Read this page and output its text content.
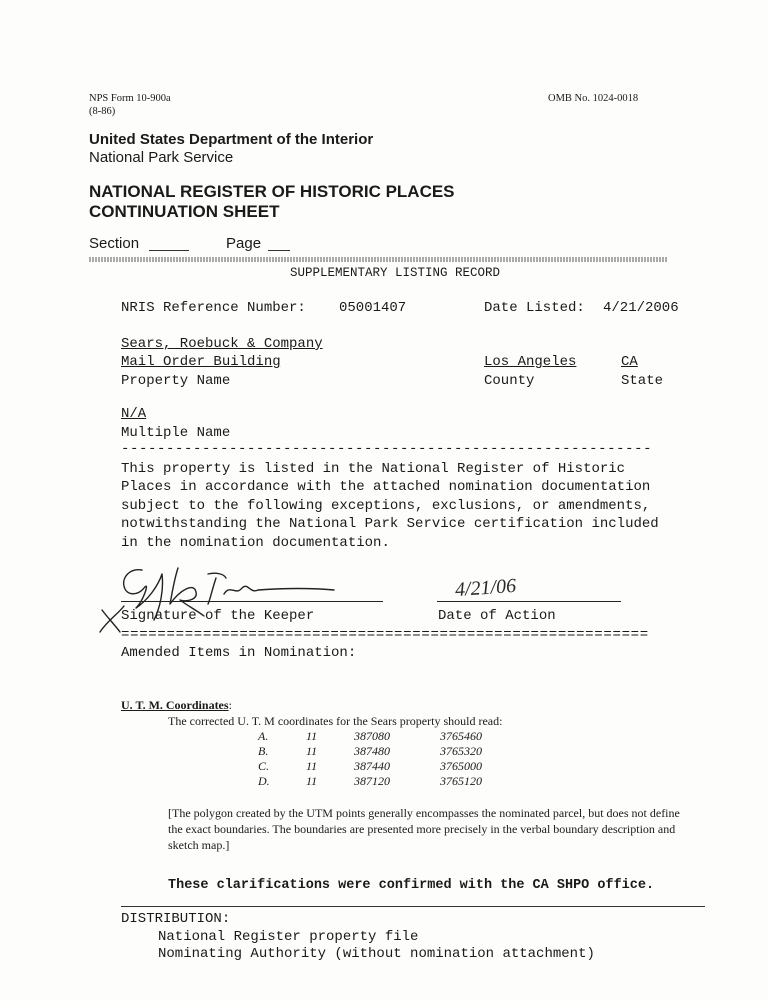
NPS Form 10-900a
(8-86)
OMB No. 1024-0018
United States Department of the Interior
National Park Service
NATIONAL REGISTER OF HISTORIC PLACES
CONTINUATION SHEET
Section	Page
SUPPLEMENTARY LISTING RECORD
NRIS Reference Number: 05001407	Date Listed: 4/21/2006
Sears, Roebuck & Company
Mail Order Building
Property Name
Los Angeles
County
CA
State
N/A
Multiple Name
-----------------------------------------------------------
This property is listed in the National Register of Historic
Places in accordance with the attached nomination documentation
subject to the following exceptions, exclusions, or amendments,
notwithstanding the National Park Service certification included
in the nomination documentation.
Signature of the Keeper
4/21/06
Date of Action
==========================================================
Amended Items in Nomination:
U. T. M. Coordinates:
The corrected U. T. M coordinates for the Sears property should read:
A.	11	387080	3765460
B.	11	387480	3765320
C.	11	387440	3765000
D.	11	387120	3765120
[The polygon created by the UTM points generally encompasses the nominated parcel, but does not define
the exact boundaries. The boundaries are presented more precisely in the verbal boundary description and
sketch map.]
These clarifications were confirmed with the CA SHPO office.
DISTRIBUTION:
National Register property file
Nominating Authority (without nomination attachment)
